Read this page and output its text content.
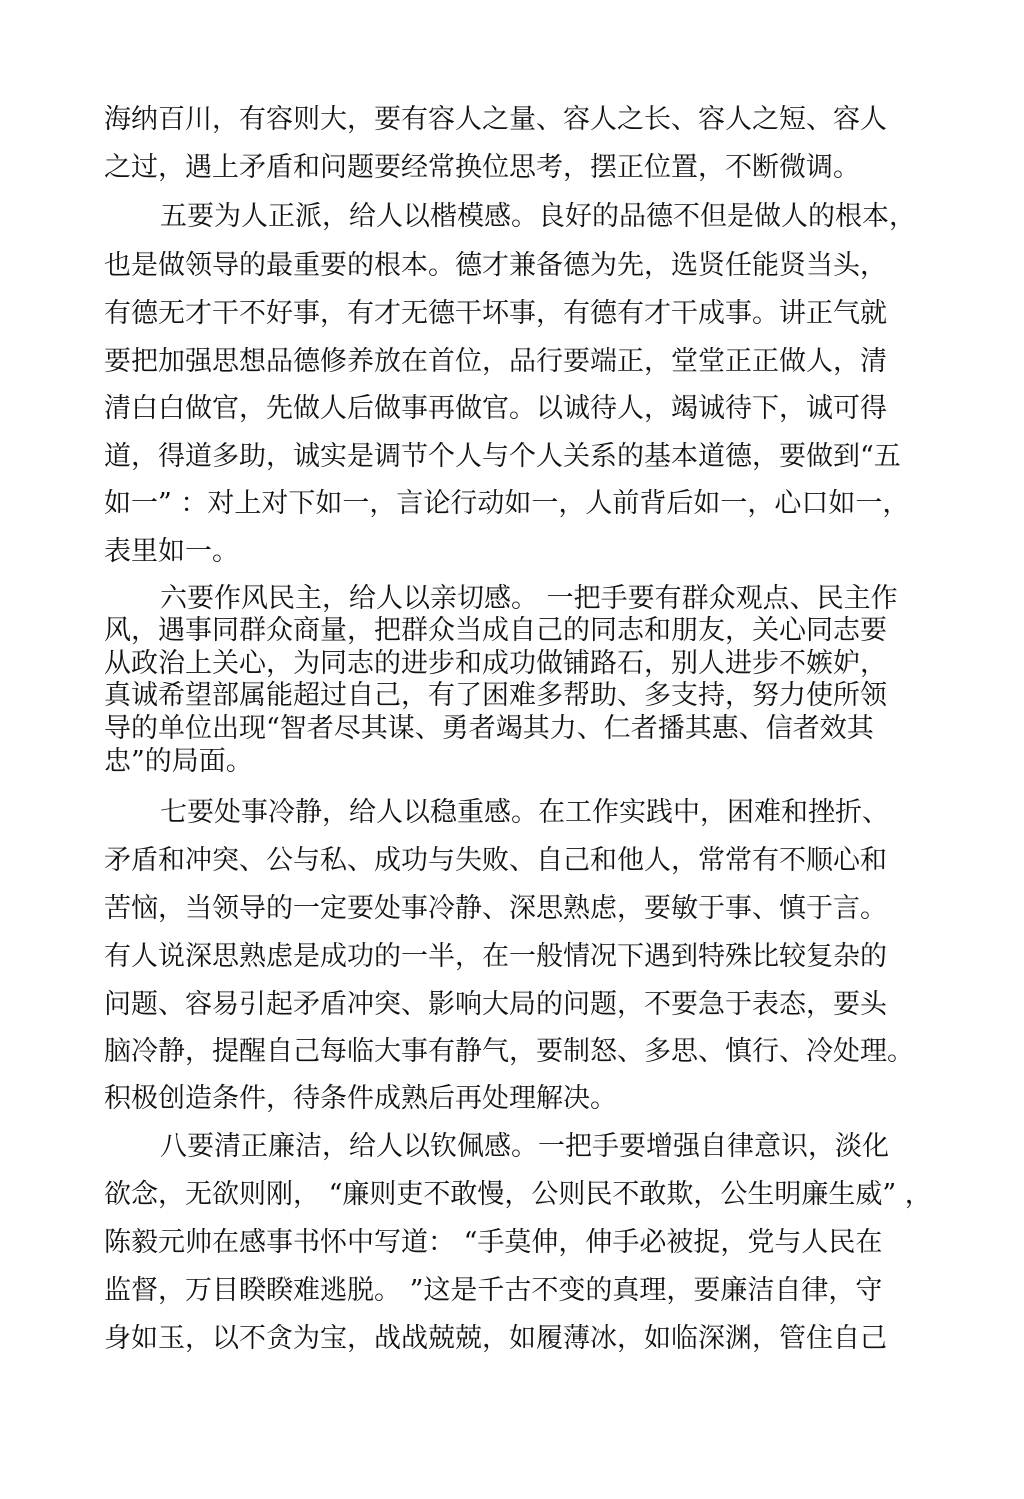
海纳百川，有容则大，要有容人之量、容人之长、容人之短、容人

之过，遇上矛盾和问题要经常换位思考，摆正位置，不断微调。

五要为人正派，给人以楷模感。良好的品德不但是做人的根本，

也是做领导的最重要的根本。德才兼备德为先，选贤任能贤当头，

有德无才干不好事，有才无德干坏事，有德有才干成事。讲正气就

要把加强思想品德修养放在首位，品行要端正，堂堂正正做人，清

清白白做官，先做人后做事再做官。以诚待人，竭诚待下，诚可得

道，得道多助，诚实是调节个人与个人关系的基本道德，要做到“五

如一” ：对上对下如一，言论行动如一，人前背后如一，心口如一，

表里如一。

六要作风民主，给人以亲切感。 一把手要有群众观点、民主作

风，遇事同群众商量，把群众当成自己的同志和朋友，关心同志要

从政治上关心，为同志的进步和成功做铺路石，别人进步不嫉妒，

真诚希望部属能超过自己，有了困难多帮助、多支持，努力使所领

导的单位出现“智者尽其谋、勇者竭其力、仁者播其惠、信者效其

忠”的局面。

七要处事冷静，给人以稳重感。在工作实践中，困难和挫折、

矛盾和冲突、公与私、成功与失败、自己和他人，常常有不顺心和

苦恼，当领导的一定要处事冷静、深思熟虑，要敏于事、慎于言。

有人说深思熟虑是成功的一半，在一般情况下遇到特殊比较复杂的

问题、容易引起矛盾冲突、影响大局的问题，不要急于表态，要头

脑冷静，提醒自己每临大事有静气，要制怒、多思、慎行、冷处理。

积极创造条件，待条件成熟后再处理解决。

八要清正廉洁，给人以钦佩感。一把手要增强自律意识，淡化

欲念，无欲则刚， “廉则吏不敢慢，公则民不敢欺，公生明廉生威” ，

陈毅元帅在感事书怀中写道： “手莫伸，伸手必被捉，党与人民在

监督，万目睽睽难逃脱。 ”这是千古不变的真理，要廉洁自律，守

身如玉，以不贪为宝，战战兢兢，如履薄冰，如临深渊，管住自己
